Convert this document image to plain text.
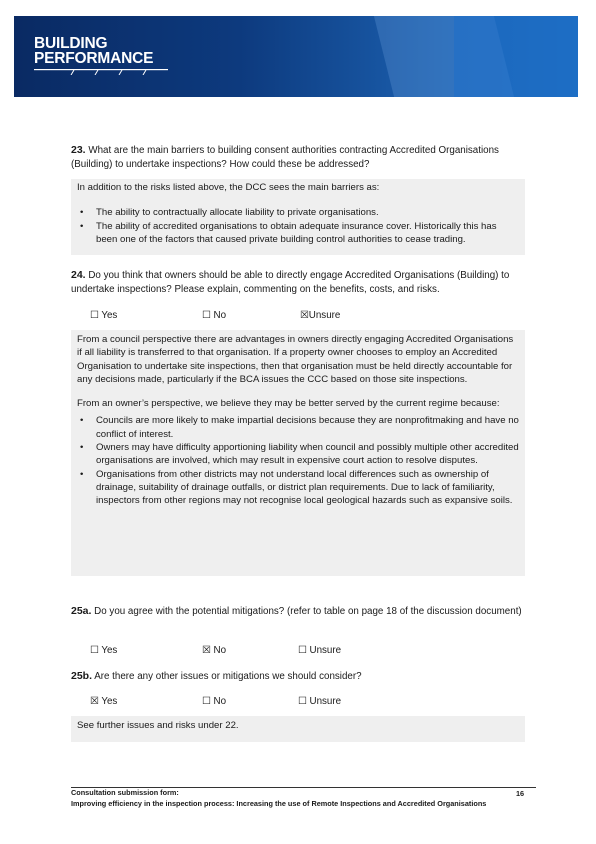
BUILDING
PERFORMANCE
23. What are the main barriers to building consent authorities contracting Accredited Organisations (Building) to undertake inspections? How could these be addressed?

In addition to the risks listed above, the DCC sees the main barriers as:

• The ability to contractually allocate liability to private organisations.
• The ability of accredited organisations to obtain adequate insurance cover. Historically this has been one of the factors that caused private building control authorities to cease trading.
24. Do you think that owners should be able to directly engage Accredited Organisations (Building) to undertake inspections? Please explain, commenting on the benefits, costs, and risks.
☐ Yes	☐ No	☒Unsure

From a council perspective there are advantages in owners directly engaging Accredited Organisations if all liability is transferred to that organisation. If a property owner chooses to employ an Accredited Organisation to undertake site inspections, then that organisation must be held directly accountable for any decisions made, particularly if the BCA issues the CCC based on those site inspections.

From an owner’s perspective, we believe they may be better served by the current regime because:

• Councils are more likely to make impartial decisions because they are nonprofitmaking and have no conflict of interest.
• Owners may have difficulty apportioning liability when council and possibly multiple other accredited organisations are involved, which may result in expensive court action to resolve disputes.
• Organisations from other districts may not understand local differences such as ownership of drainage, suitability of drainage outfalls, or district plan requirements. Due to lack of familiarity, inspectors from other regions may not recognise local geological hazards such as expansive soils.
25a. Do you agree with the potential mitigations? (refer to table on page 18 of the discussion document)
☐ Yes	☒ No	☐ Unsure
25b. Are there any other issues or mitigations we should consider?
☒ Yes	☐ No	☐ Unsure

See further issues and risks under 22.

Consultation submission form:
Improving efficiency in the inspection process: Increasing the use of Remote Inspections and Accredited Organisations
16
